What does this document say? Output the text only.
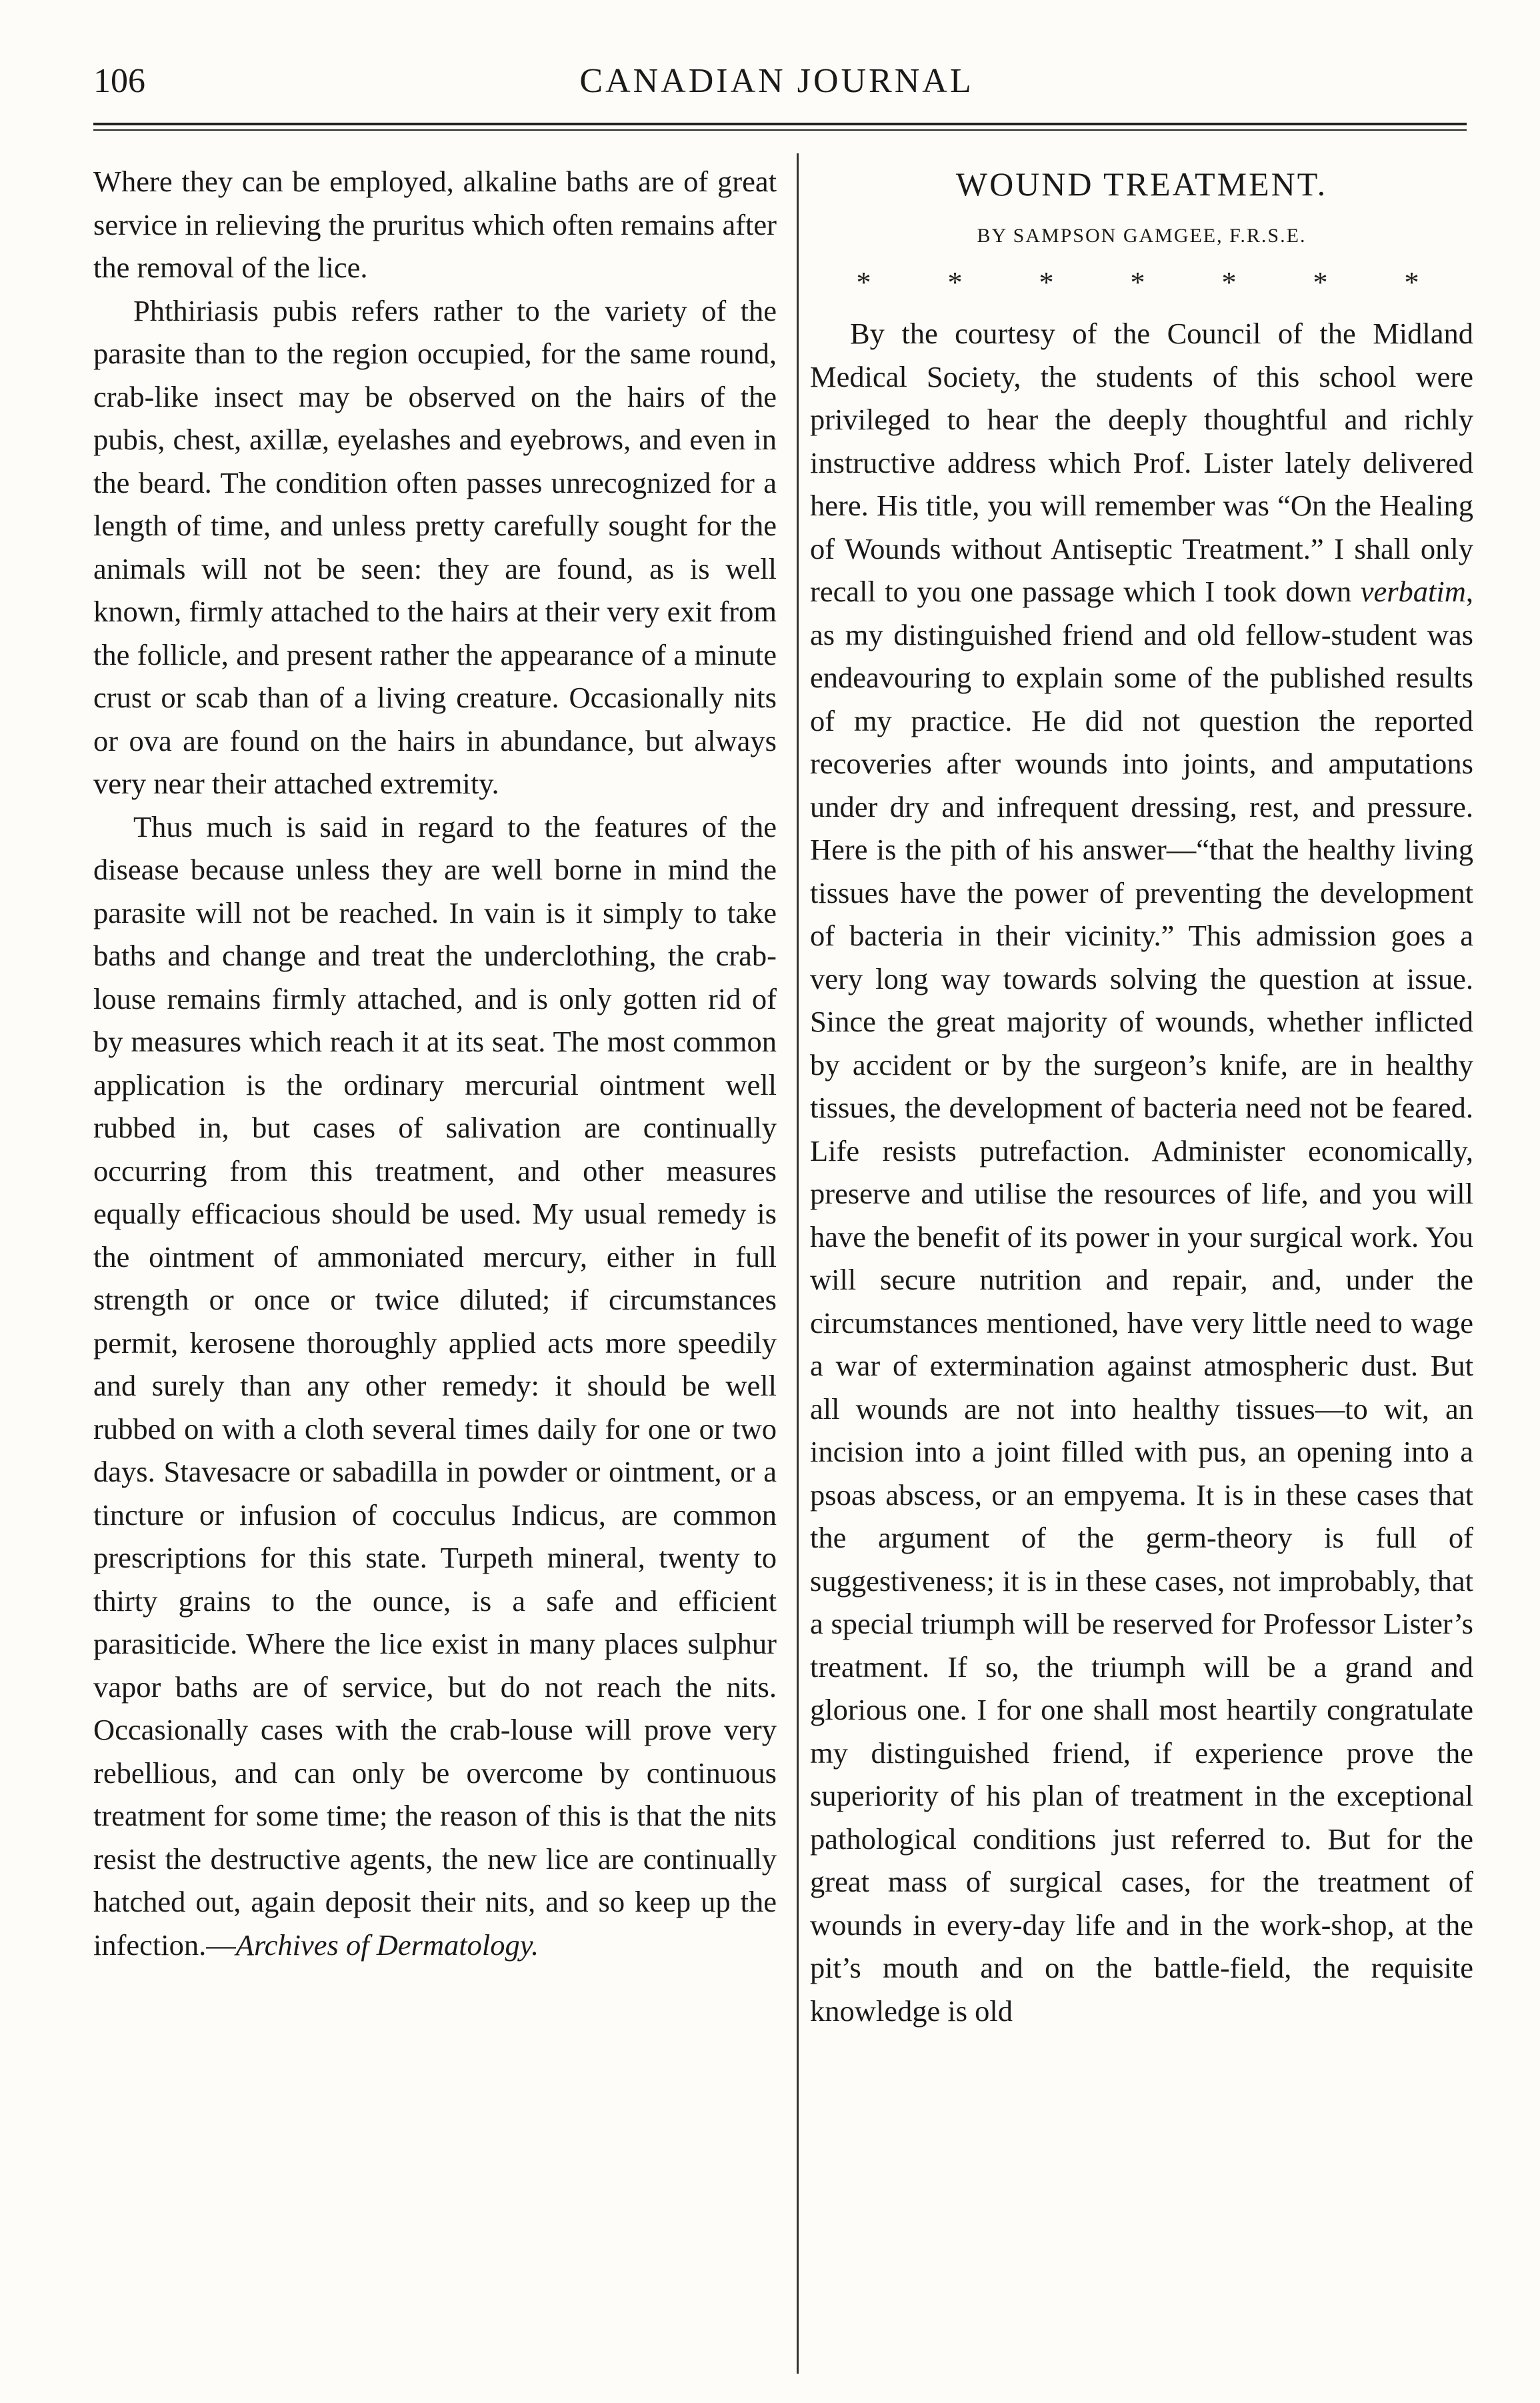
CANADIAN JOURNAL
106

Where they can be employed, alkaline baths are of great service in relieving the pruritus which often remains after the removal of the lice.

Phthiriasis pubis refers rather to the variety of the parasite than to the region occupied, for the same round, crab-like insect may be observed on the hairs of the pubis, chest, axillæ, eyelashes and eyebrows, and even in the beard. The condition often passes unrecognized for a length of time, and unless pretty carefully sought for the animals will not be seen: they are found, as is well known, firmly attached to the hairs at their very exit from the follicle, and present rather the appearance of a minute crust or scab than of a living creature. Occasionally nits or ova are found on the hairs in abundance, but always very near their attached extremity.

Thus much is said in regard to the features of the disease because unless they are well borne in mind the parasite will not be reached. In vain is it simply to take baths and change and treat the underclothing, the crab-louse remains firmly attached, and is only gotten rid of by measures which reach it at its seat. The most common application is the ordinary mercurial ointment well rubbed in, but cases of salivation are continually occurring from this treatment, and other measures equally efficacious should be used. My usual remedy is the ointment of ammoniated mercury, either in full strength or once or twice diluted; if circumstances permit, kerosene thoroughly applied acts more speedily and surely than any other remedy: it should be well rubbed on with a cloth several times daily for one or two days. Stavesacre or sabadilla in powder or ointment, or a tincture or infusion of cocculus Indicus, are common prescriptions for this state. Turpeth mineral, twenty to thirty grains to the ounce, is a safe and efficient parasiticide. Where the lice exist in many places sulphur vapor baths are of service, but do not reach the nits. Occasionally cases with the crab-louse will prove very rebellious, and can only be overcome by continuous treatment for some time; the reason of this is that the nits resist the destructive agents, the new lice are continually hatched out, again deposit their nits, and so keep up the infection.—Archives of Dermatology.

WOUND TREATMENT.
BY SAMPSON GAMGEE, F.R.S.E.
* * * * * * *

By the courtesy of the Council of the Midland Medical Society, the students of this school were privileged to hear the deeply thoughtful and richly instructive address which Prof. Lister lately delivered here. His title, you will remember was “On the Healing of Wounds without Antiseptic Treatment.” I shall only recall to you one passage which I took down verbatim, as my distinguished friend and old fellow-student was endeavouring to explain some of the published results of my practice. He did not question the reported recoveries after wounds into joints, and amputations under dry and infrequent dressing, rest, and pressure. Here is the pith of his answer—“that the healthy living tissues have the power of preventing the development of bacteria in their vicinity.” This admission goes a very long way towards solving the question at issue. Since the great majority of wounds, whether inflicted by accident or by the surgeon’s knife, are in healthy tissues, the development of bacteria need not be feared. Life resists putrefaction. Administer economically, preserve and utilise the resources of life, and you will have the benefit of its power in your surgical work. You will secure nutrition and repair, and, under the circumstances mentioned, have very little need to wage a war of extermination against atmospheric dust. But all wounds are not into healthy tissues—to wit, an incision into a joint filled with pus, an opening into a psoas abscess, or an empyema. It is in these cases that the argument of the germ-theory is full of suggestiveness; it is in these cases, not improbably, that a special triumph will be reserved for Professor Lister’s treatment. If so, the triumph will be a grand and glorious one. I for one shall most heartily congratulate my distinguished friend, if experience prove the superiority of his plan of treatment in the exceptional pathological conditions just referred to. But for the great mass of surgical cases, for the treatment of wounds in every-day life and in the work-shop, at the pit’s mouth and on the battle-field, the requisite knowledge is old
